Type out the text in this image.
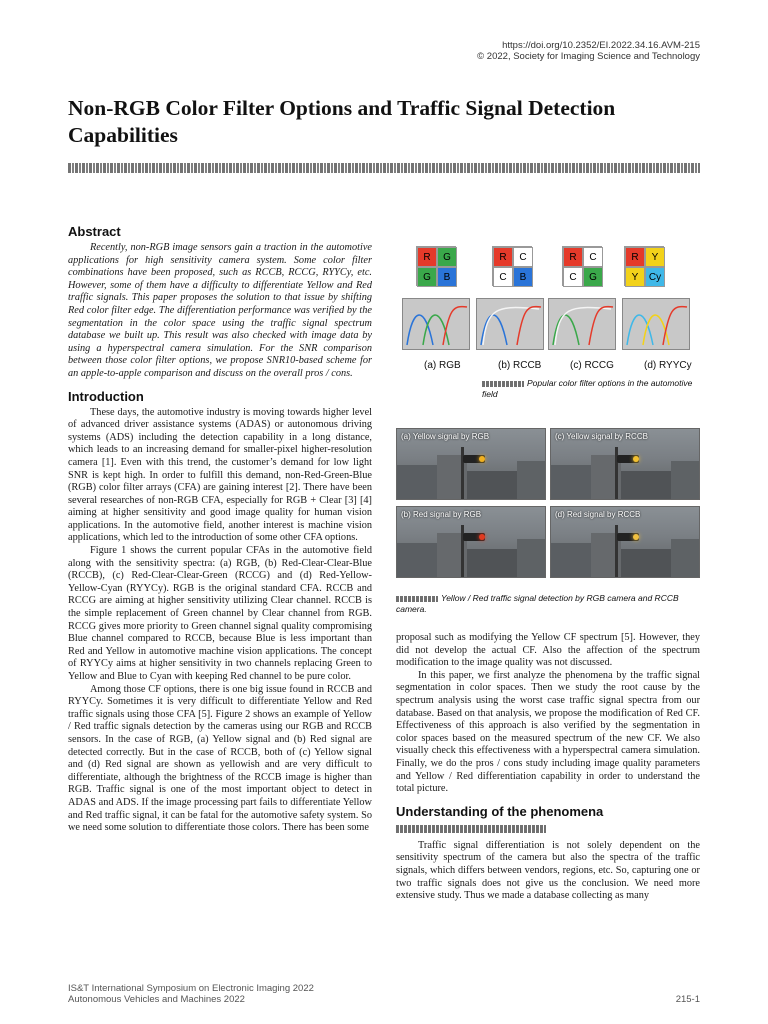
https://doi.org/10.2352/EI.2022.34.16.AVM-215
© 2022, Society for Imaging Science and Technology
Non-RGB Color Filter Options and Traffic Signal Detection Capabilities
Abstract

Recently, non-RGB image sensors gain a traction in the automotive applications for high sensitivity camera system. Some color filter combinations have been proposed, such as RCCB, RCCG, RYYCy, etc. However, some of them have a difficulty to differentiate Yellow and Red traffic signals. This paper proposes the solution to that issue by shifting Red color filter edge. The differentiation performance was verified by the segmentation in the color space using the traffic signal spectrum database we built up. This result was also checked with image data by using a hyperspectral camera simulation. For the SNR comparison between those color filter options, we propose SNR10-based scheme for an apple-to-apple comparison and discuss on the overall pros / cons.

Introduction

These days, the automotive industry is moving towards higher level of advanced driver assistance systems (ADAS) or autonomous driving systems (ADS) including the detection capability in a long distance, which leads to an increasing demand for smaller-pixel higher-resolution camera [1]. Even with this trend, the customer’s demand for low light SNR is kept high. In order to fulfill this demand, non-Red-Green-Blue (RGB) color filter arrays (CFA) are gaining interest [2]. There have been several researches of non-RGB CFA, especially for RGB + Clear [3] [4] aiming at higher sensitivity and good image quality for human vision applications. In the automotive field, another interest is machine vision applications, which led to the introduction of some other CFA options.

Figure 1 shows the current popular CFAs in the automotive field along with the sensitivity spectra: (a) RGB, (b) Red-Clear-Clear-Blue (RCCB), (c) Red-Clear-Clear-Green (RCCG) and (d) Red-Yellow-Yellow-Cyan (RYYCy). RGB is the original standard CFA. RCCB and RCCG are aiming at higher sensitivity utilizing Clear channel. RCCB is the simple replacement of Green channel by Clear channel from RGB. RCCG gives more priority to Green channel signal quality compromising Blue channel compared to RCCB, because Blue is less important than Red and Yellow in automotive machine vision applications. The concept of RYYCy aims at higher sensitivity in two channels replacing Green to Yellow and Blue to Cyan with keeping Red channel to be pure color.

Among those CF options, there is one big issue found in RCCB and RYYCy. Sometimes it is very difficult to differentiate Yellow and Red traffic signals using those CFA [5]. Figure 2 shows an example of Yellow / Red traffic signals detection by the cameras using our RGB and RCCB sensors. In the case of RGB, (a) Yellow signal and (b) Red signal are detected correctly. But in the case of RCCB, both of (c) Yellow signal and (d) Red signal are shown as yellowish and are very difficult to differentiate, although the brightness of the RCCB image is higher than RGB. Traffic signal is one of the most important object to detect in ADAS and ADS. If the image processing part fails to differentiate Yellow and Red traffic signal, it can be fatal for the automotive safety system. So we need some solution to differentiate those colors. There has been some

R	G
G	B
(a) RGB
R	C
C	B
(b) RCCB
R	C
C	G
(c) RCCG
R	Y
Y	Cy
(d) RYYCy
Popular color filter options in the automotive field
(a) Yellow signal by RGB	(c) Yellow signal by RCCB
(b) Red signal by RGB	(d) Red signal by RCCB
Yellow / Red traffic signal detection by RGB camera and RCCB camera.

proposal such as modifying the Yellow CF spectrum [5]. However, they did not develop the actual CF. Also the affection of the spectrum modification to the image quality was not discussed.

In this paper, we first analyze the phenomena by the traffic signal segmentation in color spaces. Then we study the root cause by the spectrum analysis using the worst case traffic signal spectra from our database. Based on that analysis, we propose the modification of Red CF. Effectiveness of this approach is also verified by the segmentation in color spaces based on the measured spectrum of the new CF. We also visually check this effectiveness with a hyperspectral camera simulation. Finally, we do the pros / cons study including image quality parameters and Yellow / Red differentiation capability in order to understand the total picture.

Understanding of the phenomena

Traffic signal differentiation is not solely dependent on the sensitivity spectrum of the camera but also the spectra of the traffic signals, which differs between vendors, regions, etc. So, capturing one or two traffic signals does not give us the conclusion. We need more extensive study. Thus we made a database collecting as many

IS&T International Symposium on Electronic Imaging 2022
Autonomous Vehicles and Machines 2022	215-1
